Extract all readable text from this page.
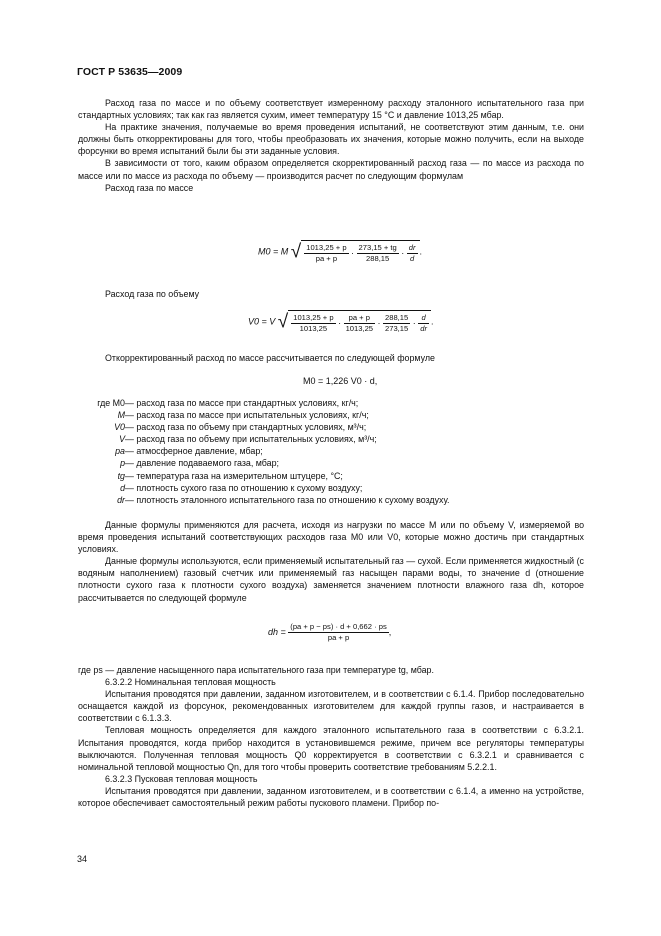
ГОСТ Р 53635—2009

Расход газа по массе и по объему соответствует измеренному расходу эталонного испытательного газа при стандартных условиях; так как газ является сухим, имеет температуру 15 °С и давление 1013,25 мбар.

На практике значения, получаемые во время проведения испытаний, не соответствуют этим данным, т.е. они должны быть откорректированы для того, чтобы преобразовать их значения, которые можно получить, если на выходе форсунки во время испытаний были бы эти заданные условия.

В зависимости от того, каким образом определяется скорректированный расход газа — по массе из расхода по массе или по массе из расхода по объему — производится расчет по следующим формулам

Расход газа по массе

M0 = M √ $\frac{1013,25 + p}{pa + p} \cdot \frac{273,15 + tg}{288,15} \cdot \frac{dr}{d}$ .

Расход газа по объему

V0 = V √ $\frac{1013,25 + p}{1013,25} \cdot \frac{pa + p}{1013,25} \cdot \frac{288,15}{273,15} \cdot \frac{d}{dr}$ .

Откорректированный расход по массе рассчитывается по следующей формуле

M0 = 1,226 V0 · d,
где M0 — расход газа по массе при стандартных условиях, кг/ч;
M — расход газа по массе при испытательных условиях, кг/ч;
V0 — расход газа по объему при стандартных условиях, м³/ч;
V — расход газа по объему при испытательных условиях, м³/ч;
pa — атмосферное давление, мбар;
p — давление подаваемого газа, мбар;
tg — температура газа на измерительном штуцере, °С;
d — плотность сухого газа по отношению к сухому воздуху;
dr — плотность эталонного испытательного газа по отношению к сухому воздуху.

Данные формулы применяются для расчета, исходя из нагрузки по массе M или по объему V, измеряемой во время проведения испытаний соответствующих расходов газа M0 или V0, которые можно достичь при стандартных условиях.

Данные формулы используются, если применяемый испытательный газ — сухой. Если применяется жидкостный (с водяным наполнением) газовый счетчик или применяемый газ насыщен парами воды, то значение d (отношение плотности сухого газа к плотности сухого воздуха) заменяется значением плотности влажного газа dh, которое рассчитывается по следующей формуле

dh = $\frac{(pa + p - ps) \cdot d + 0,662 \cdot ps}{pa + p}$ ,

где ps — давление насыщенного пара испытательного газа при температуре tg, мбар.

6.3.2.2 Номинальная тепловая мощность

Испытания проводятся при давлении, заданном изготовителем, и в соответствии с 6.1.4. Прибор последовательно оснащается каждой из форсунок, рекомендованных изготовителем для каждой группы газов, и настраивается в соответствии с 6.1.3.3.

Тепловая мощность определяется для каждого эталонного испытательного газа в соответствии с 6.3.2.1. Испытания проводятся, когда прибор находится в установившемся режиме, причем все регуляторы температуры выключаются. Полученная тепловая мощность Q0 корректируется в соответствии с 6.3.2.1 и сравнивается с номинальной тепловой мощностью Qn, для того чтобы проверить соответствие требованиям 5.2.2.1.

6.3.2.3 Пусковая тепловая мощность

Испытания проводятся при давлении, заданном изготовителем, и в соответствии с 6.1.4, а именно на устройстве, которое обеспечивает самостоятельный режим работы пускового пламени. Прибор по-

34
